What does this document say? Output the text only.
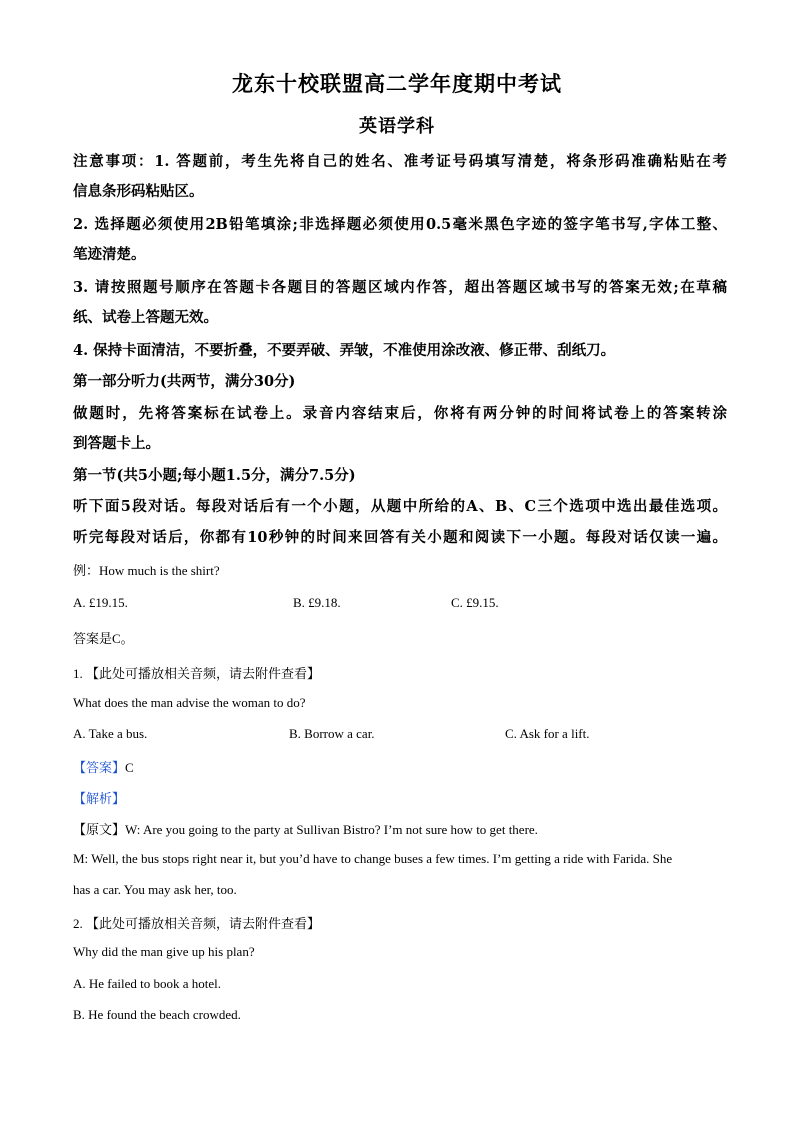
龙东十校联盟高二学年度期中考试
英语学科
注意事项：1. 答题前，考生先将自己的姓名、准考证号码填写清楚，将条形码准确粘贴在考
信息条形码粘贴区。
2. 选择题必须使用2B铅笔填涂;非选择题必须使用0.5毫米黑色字迹的签字笔书写,字体工整、
笔迹清楚。
3. 请按照题号顺序在答题卡各题目的答题区域内作答，超出答题区域书写的答案无效;在草稿
纸、试卷上答题无效。
4. 保持卡面清洁，不要折叠，不要弄破、弄皱，不准使用涂改液、修正带、刮纸刀。
第一部分听力(共两节，满分30分)
做题时，先将答案标在试卷上。录音内容结束后，你将有两分钟的时间将试卷上的答案转涂
到答题卡上。
第一节(共5小题;每小题1.5分，满分7.5分)
听下面5段对话。每段对话后有一个小题，从题中所给的A、B、C三个选项中选出最佳选项。
听完每段对话后，你都有10秒钟的时间来回答有关小题和阅读下一小题。每段对话仅读一遍。
例：How much is the shirt?
A. £19.15.	B. £9.18.	C. £9.15.
答案是C。
1. 【此处可播放相关音频，请去附件查看】
What does the man advise the woman to do?
A. Take a bus.	B. Borrow a car.	C. Ask for a lift.
【答案】C
【解析】
【原文】W: Are you going to the party at Sullivan Bistro? I’m not sure how to get there.
M: Well, the bus stops right near it, but you’d have to change buses a few times. I’m getting a ride with Farida. She
has a car. You may ask her, too.
2. 【此处可播放相关音频，请去附件查看】
Why did the man give up his plan?
A. He failed to book a hotel.
B. He found the beach crowded.
